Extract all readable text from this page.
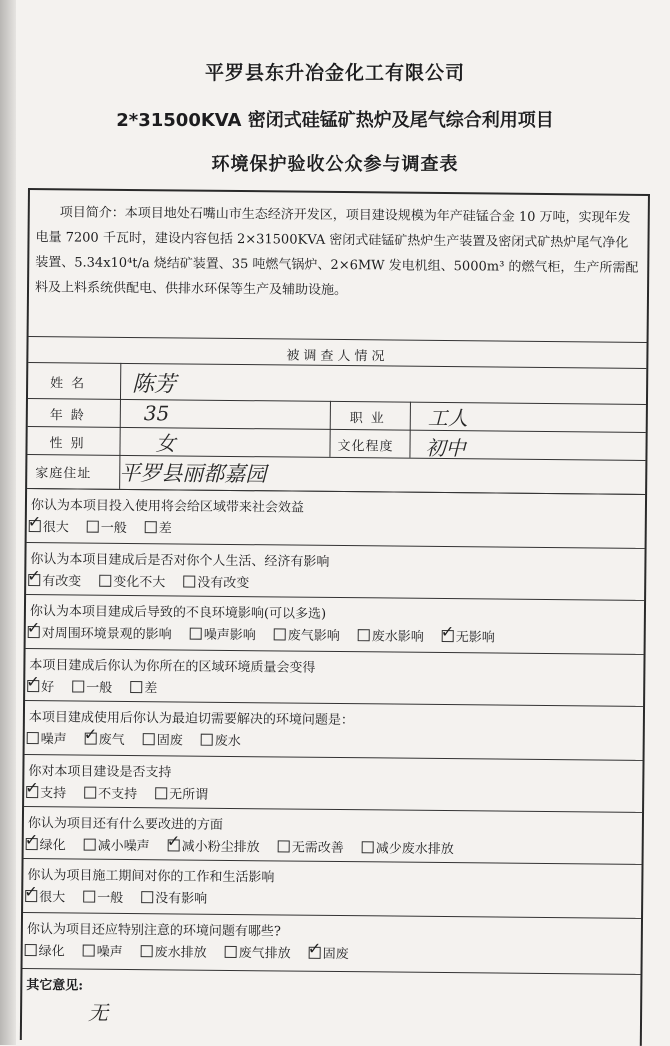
平罗县东升冶金化工有限公司
2*31500KVA 密闭式硅锰矿热炉及尾气综合利用项目
环境保护验收公众参与调查表
项目简介：本项目地处石嘴山市生态经济开发区，项目建设规模为年产硅锰合金 10 万吨，实现年发电量 7200 千瓦时，建设内容包括 2×31500KVA 密闭式硅锰矿热炉生产装置及密闭式矿热炉尾气净化装置、5.34x10⁴t/a 烧结矿装置、35 吨燃气锅炉、2×6MW 发电机组、5000m³ 的燃气柜，生产所需配料及上料系统供配电、供排水环保等生产及辅助设施。
被调查人情况
姓名 陈芳
年龄	35	职业 工人
性别	女	文化程度 初中
家庭住址 平罗县丽都嘉园
你认为本项目投入使用将会给区域带来社会效益
✓很大 一般 差
你认为本项目建成后是否对你个人生活、经济有影响
✓有改变 变化不大 没有改变
你认为本项目建成后导致的不良环境影响(可以多选)
✓对周围环境景观的影响 噪声影响 废气影响 废水影响 ✓ 无影响
本项目建成后你认为你所在的区域环境质量会变得
✓好 一般 差
本项目建成使用后你认为最迫切需要解决的环境问题是：
噪声 ✓ 废气 固废 废水
你对本项目建设是否支持
✓支持 不支持 无所谓
你认为项目还有什么要改进的方面
✓绿化 减小噪声 ✓ 减小粉尘排放 无需改善 减少废水排放
你认为项目施工期间对你的工作和生活影响
✓很大 一般 没有影响
你认为项目还应特别注意的环境问题有哪些?
绿化 噪声 废水排放 废气排放 ✓ 固废
其它意见:
无
